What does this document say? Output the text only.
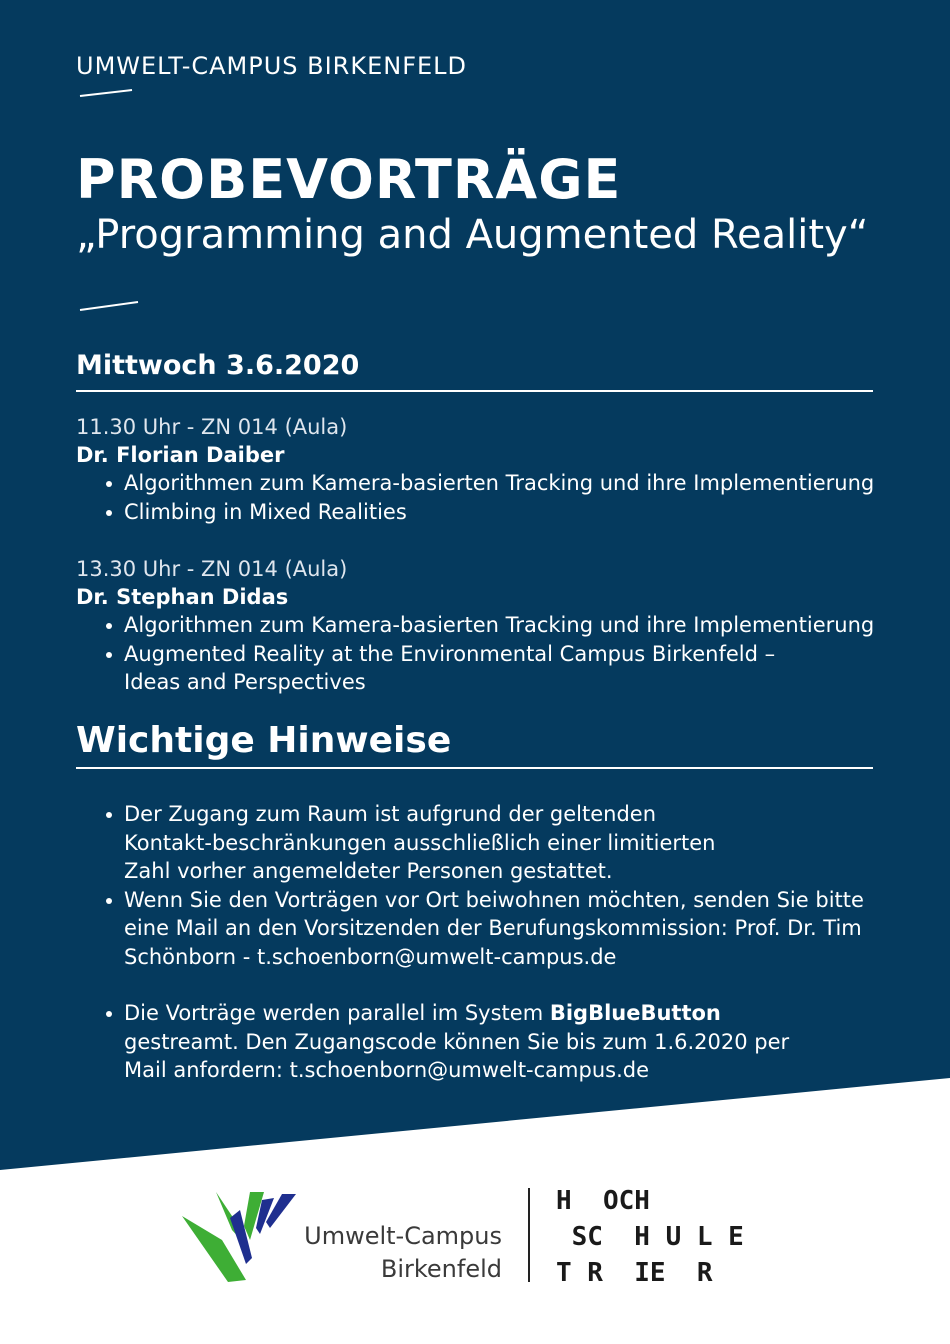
UMWELT-CAMPUS BIRKENFELD
PROBEVORTRÄGE
„Programming and Augmented Reality“
Mittwoch 3.6.2020
11.30 Uhr - ZN 014 (Aula)
Dr. Florian Daiber
Algorithmen zum Kamera-basierten Tracking und ihre Implementierung
Climbing in Mixed Realities
13.30 Uhr - ZN 014 (Aula)
Dr. Stephan Didas
Algorithmen zum Kamera-basierten Tracking und ihre Implementierung
Augmented Reality at the Environmental Campus Birkenfeld – Ideas and Perspectives
Wichtige Hinweise
Der Zugang zum Raum ist aufgrund der geltenden Kontakt-beschränkungen ausschließlich einer limitierten Zahl vorher angemeldeter Personen gestattet.
Wenn Sie den Vorträgen vor Ort beiwohnen möchten, senden Sie bitte eine Mail an den Vorsitzenden der Berufungskommission: Prof. Dr. Tim Schönborn - t.schoenborn@umwelt-campus.de
Die Vorträge werden parallel im System BigBlueButton gestreamt. Den Zugangscode können Sie bis zum 1.6.2020 per Mail anfordern: t.schoenborn@umwelt-campus.de
Umwelt-Campus
Birkenfeld
H  OCH
SC  H U L E
T R  IE  R
